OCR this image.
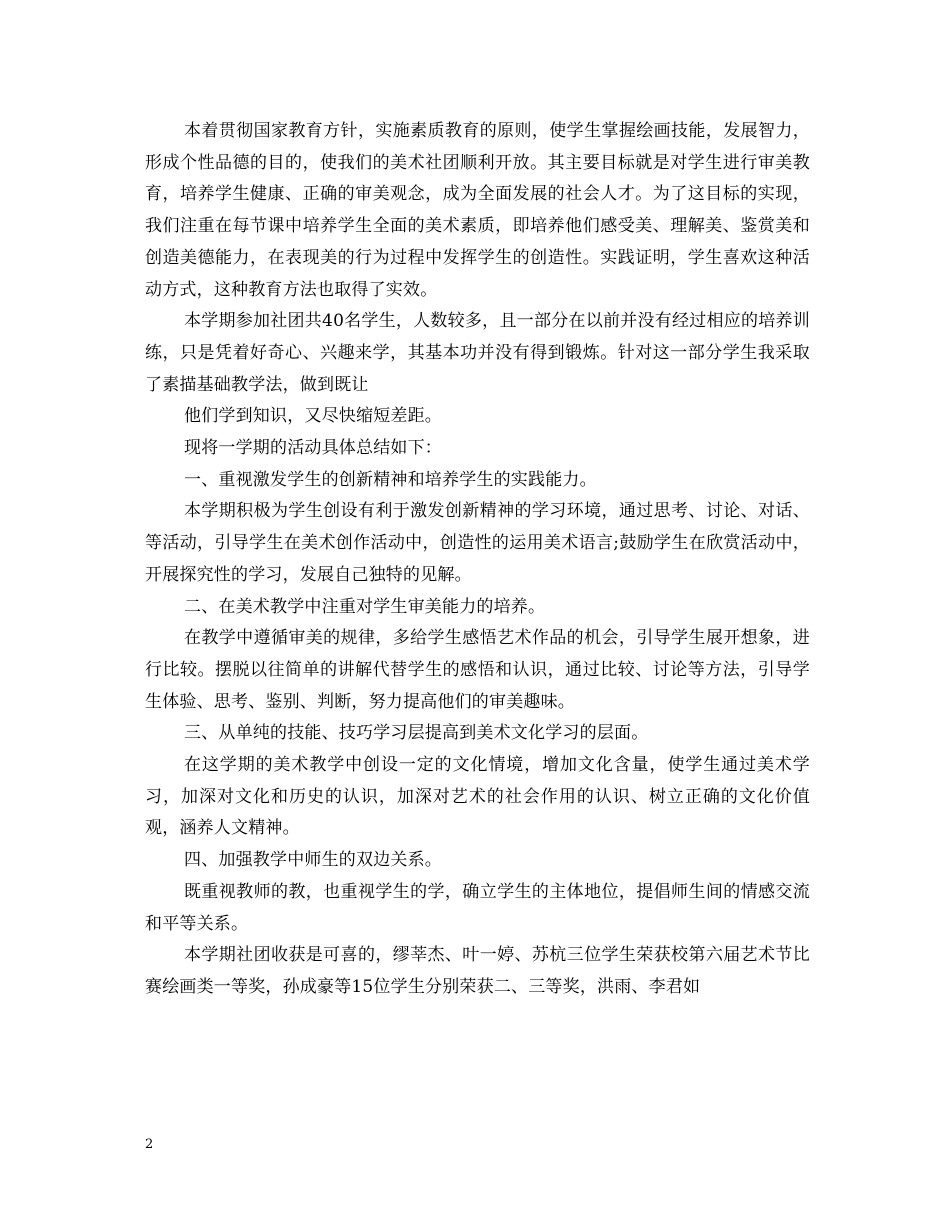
本着贯彻国家教育方针，实施素质教育的原则，使学生掌握绘画技能，发展智力，形成个性品德的目的，使我们的美术社团顺利开放。其主要目标就是对学生进行审美教育，培养学生健康、正确的审美观念，成为全面发展的社会人才。为了这目标的实现，我们注重在每节课中培养学生全面的美术素质，即培养他们感受美、理解美、鉴赏美和创造美德能力，在表现美的行为过程中发挥学生的创造性。实践证明，学生喜欢这种活动方式，这种教育方法也取得了实效。

本学期参加社团共40名学生，人数较多，且一部分在以前并没有经过相应的培养训练，只是凭着好奇心、兴趣来学，其基本功并没有得到锻炼。针对这一部分学生我采取了素描基础教学法，做到既让

他们学到知识，又尽快缩短差距。

现将一学期的活动具体总结如下：

一、重视激发学生的创新精神和培养学生的实践能力。

本学期积极为学生创设有利于激发创新精神的学习环境，通过思考、讨论、对话、等活动，引导学生在美术创作活动中，创造性的运用美术语言;鼓励学生在欣赏活动中，开展探究性的学习，发展自己独特的见解。

二、在美术教学中注重对学生审美能力的培养。

在教学中遵循审美的规律，多给学生感悟艺术作品的机会，引导学生展开想象，进行比较。摆脱以往简单的讲解代替学生的感悟和认识，通过比较、讨论等方法，引导学生体验、思考、鉴别、判断，努力提高他们的审美趣味。

三、从单纯的技能、技巧学习层提高到美术文化学习的层面。

在这学期的美术教学中创设一定的文化情境，增加文化含量，使学生通过美术学习，加深对文化和历史的认识，加深对艺术的社会作用的认识、树立正确的文化价值观，涵养人文精神。

四、加强教学中师生的双边关系。

既重视教师的教，也重视学生的学，确立学生的主体地位，提倡师生间的情感交流和平等关系。

本学期社团收获是可喜的，缪莘杰、叶一婷、苏杭三位学生荣获校第六届艺术节比赛绘画类一等奖，孙成豪等15位学生分别荣获二、三等奖，洪雨、李君如

2
